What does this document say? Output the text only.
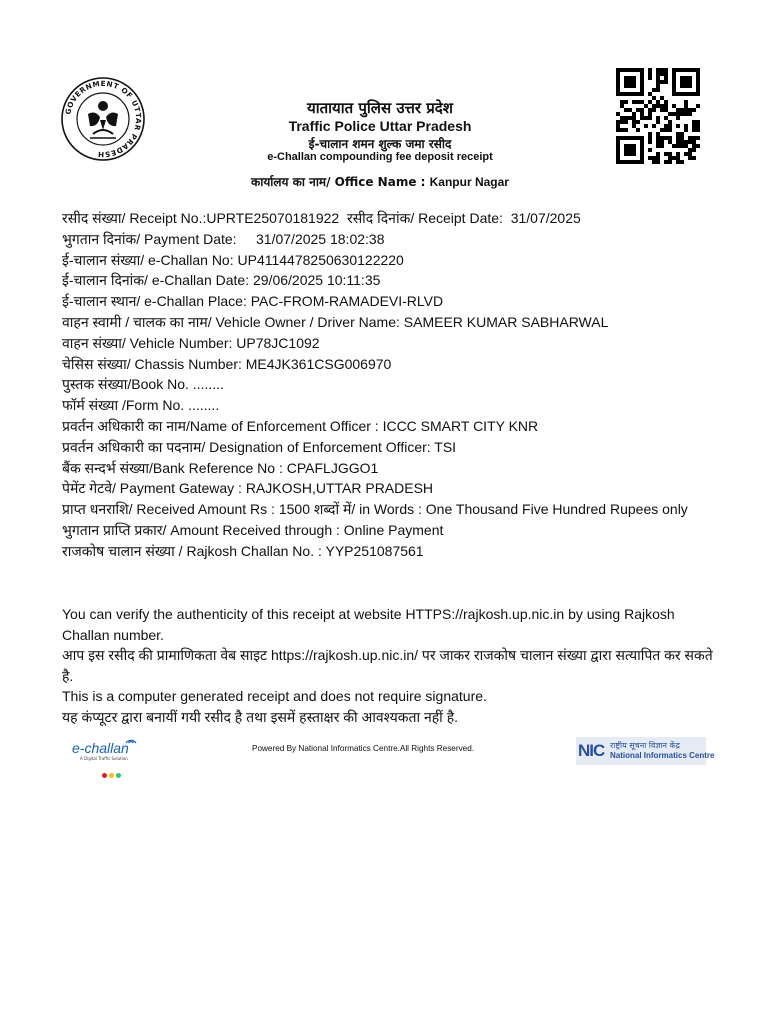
GOVERNMENT OF UTTAR PRADESH
यातायात पुलिस उत्तर प्रदेश
Traffic Police Uttar Pradesh
ई-चालान शमन शुल्क जमा रसीद
e-Challan compounding fee deposit receipt
कार्यालय का नाम/ Office Name : Kanpur Nagar
रसीद संख्या/ Receipt No.:UPRTE25070181922  रसीद दिनांक/ Receipt Date:  31/07/2025
भुगतान दिनांक/ Payment Date:     31/07/2025 18:02:38
ई-चालान संख्या/ e-Challan No: UP4114478250630122220
ई-चालान दिनांक/ e-Challan Date: 29/06/2025 10:11:35
ई-चालान स्थान/ e-Challan Place: PAC-FROM-RAMADEVI-RLVD
वाहन स्वामी / चालक का नाम/ Vehicle Owner / Driver Name: SAMEER KUMAR SABHARWAL
वाहन संख्या/ Vehicle Number: UP78JC1092
चेसिस संख्या/ Chassis Number: ME4JK361CSG006970
पुस्तक संख्या/Book No. ........
फॉर्म संख्या /Form No. ........
प्रवर्तन अधिकारी का नाम/Name of Enforcement Officer : ICCC SMART CITY KNR
प्रवर्तन अधिकारी का पदनाम/ Designation of Enforcement Officer: TSI
बैंक सन्दर्भ संख्या/Bank Reference No : CPAFLJGGO1
पेमेंट गेटवे/ Payment Gateway : RAJKOSH,UTTAR PRADESH
प्राप्त धनराशि/ Received Amount Rs : 1500 शब्दों में/ in Words : One Thousand Five Hundred Rupees only
भुगतान प्राप्ति प्रकार/ Amount Received through : Online Payment
राजकोष चालान संख्या / Rajkosh Challan No. : YYP251087561

You can verify the authenticity of this receipt at website HTTPS://rajkosh.up.nic.in by using Rajkosh Challan number.

आप इस रसीद की प्रामाणिकता वेब साइट https://rajkosh.up.nic.in/ पर जाकर राजकोष चालान संख्या द्वारा सत्यापित कर सकते है.

This is a computer generated receipt and does not require signature.

यह कंप्यूटर द्वारा बनायीं गयी रसीद है तथा इसमें हस्ताक्षर की आवश्यकता नहीं है.

e-challan
A Digital Traffic Solution
Powered By National Informatics Centre.All Rights Reserved.	NIC राष्ट्रीय सूचना विज्ञान केंद्र
National Informatics Centre
